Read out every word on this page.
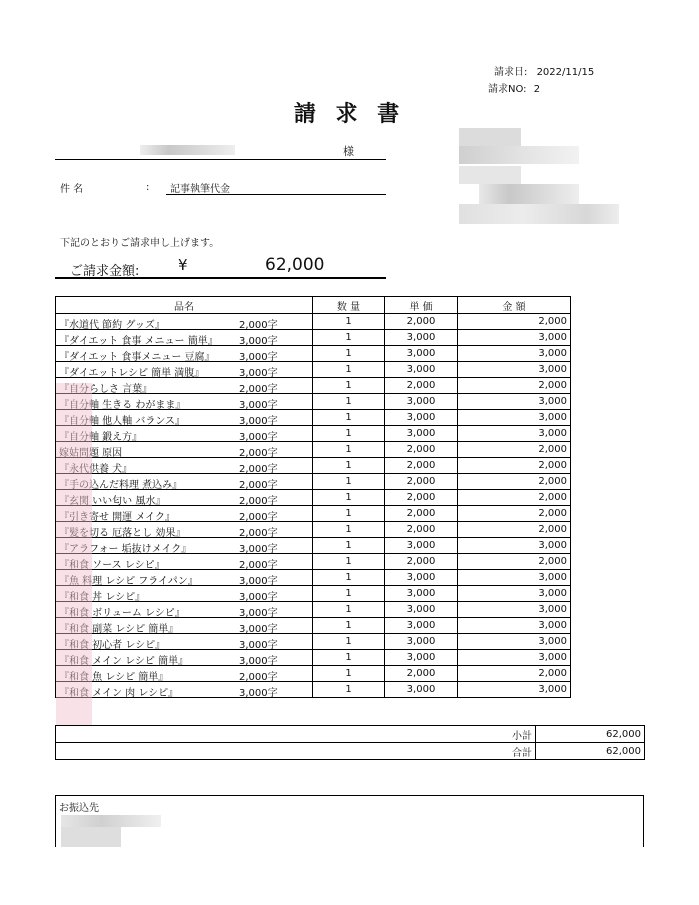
請求日: 2022/11/15
請求NO: 2
請 求 書
様
件 名	: 記事執筆代金
下記のとおりご請求申し上げます。
ご請求金額:	¥	62,000
品名	数 量	単 価	金 額

『水道代 節約 グッズ』 2,000字	1	2,000	2,000

『ダイエット 食事 メニュー 簡単』 3,000字	1	3,000	3,000

『ダイエット 食事メニュー 豆腐』 3,000字	1	3,000	3,000

『ダイエットレシピ 簡単 満腹』 3,000字	1	3,000	3,000

『自分らしさ 言葉』 2,000字	1	2,000	2,000

『自分軸 生きる わがまま』 3,000字	1	3,000	3,000

『自分軸 他人軸 バランス』 3,000字	1	3,000	3,000

『自分軸 鍛え方』 3,000字	1	3,000	3,000

嫁姑問題 原因 2,000字	1	2,000	2,000

『永代供養 犬』 2,000字	1	2,000	2,000

『手の込んだ料理 煮込み』 2,000字	1	2,000	2,000

『玄関 いい匂い 風水』 2,000字	1	2,000	2,000

『引き寄せ 開運 メイク』 2,000字	1	2,000	2,000

『髪を切る 厄落とし 効果』 2,000字	1	2,000	2,000

『アラフォー 垢抜けメイク』 3,000字	1	3,000	3,000

『和食 ソース レシピ』 2,000字	1	2,000	2,000

『魚 料理 レシピ フライパン』 3,000字	1	3,000	3,000

『和食 丼 レシピ』 3,000字	1	3,000	3,000

『和食 ボリューム レシピ』 3,000字	1	3,000	3,000

『和食 副菜 レシピ 簡単』 3,000字	1	3,000	3,000

『和食 初心者 レシピ』 3,000字	1	3,000	3,000

『和食 メイン レシピ 簡単』 3,000字	1	3,000	3,000

『和食 魚 レシピ 簡単』 2,000字	1	2,000	2,000

『和食 メイン 肉 レシピ』 3,000字	1	3,000	3,000
小計	62,000
合計	62,000
お振込先
